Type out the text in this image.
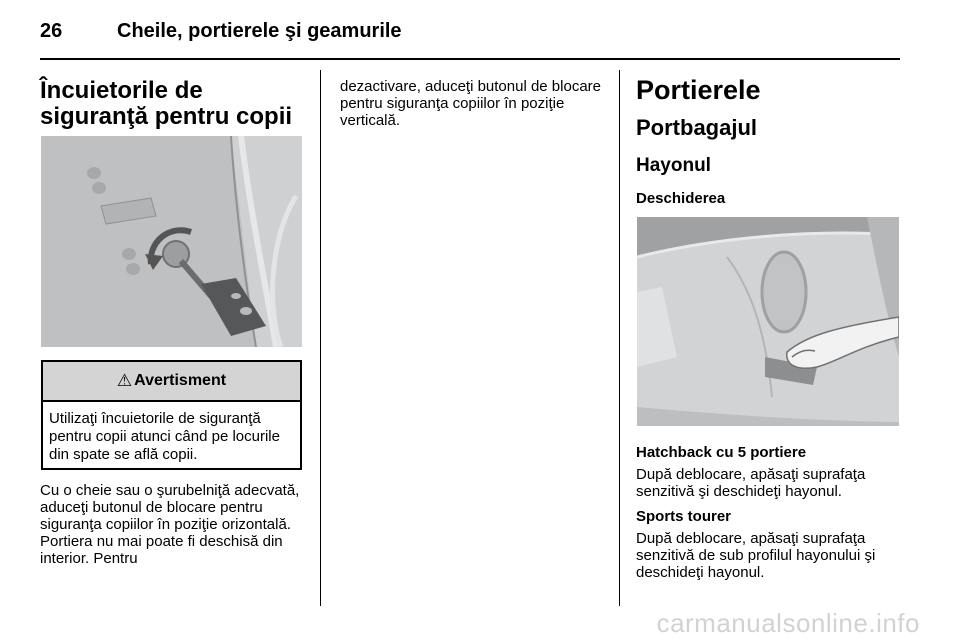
26	Cheile, portierele şi geamurile
Încuietorile de siguranţă pentru copii
⚠ Avertisment
Utilizaţi încuietorile de siguranţă pentru copii atunci când pe locurile din spate se află copii.
Cu o cheie sau o şurubelniţă adecvată, aduceţi butonul de blocare pentru siguranţa copiilor în poziţie orizontală. Portiera nu mai poate fi deschisă din interior. Pentru
dezactivare, aduceţi butonul de blocare pentru siguranţa copiilor în poziţie verticală.
Portierele
Portbagajul
Hayonul
Deschiderea
Hatchback cu 5 portiere
După deblocare, apăsaţi suprafaţa senzitivă şi deschideţi hayonul.
Sports tourer
După deblocare, apăsaţi suprafaţa senzitivă de sub profilul hayonului şi deschideţi hayonul.
carmanualsonline.info
